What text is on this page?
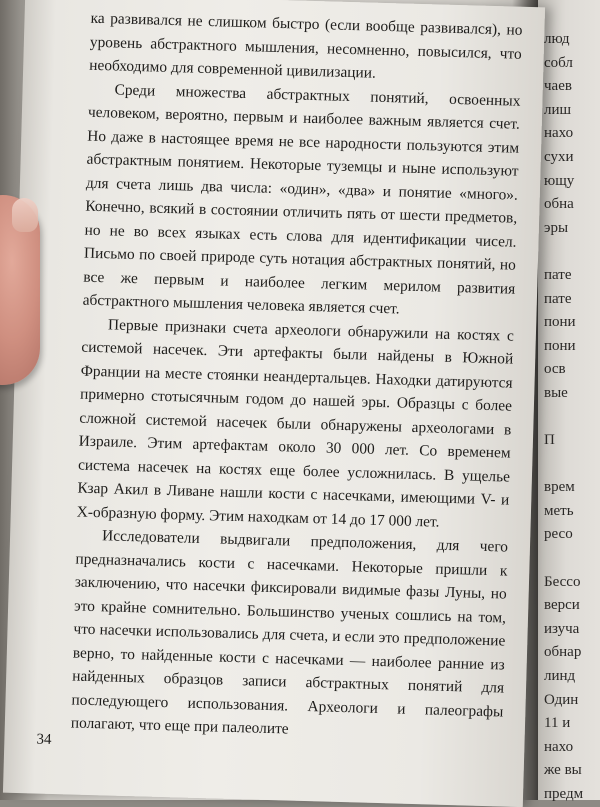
люд
собл
чаев
лиш
нахо
сухи
ющу
обна
эры
пате
пате
пони
пони
осв
вые
П
врем
меть
ресо
Бессо
верси
изуча
обнар
линд
Один
11 и
нахо
же вы
предм

ка развивался не слишком быстро (если вообще развивался), но уровень абстрактного мышления, несомненно, повысился, что необходимо для современной цивилизации.

Среди множества абстрактных понятий, освоенных человеком, вероятно, первым и наиболее важным является счет. Но даже в настоящее время не все народности пользуются этим абстрактным понятием. Некоторые туземцы и ныне используют для счета лишь два числа: «один», «два» и понятие «много». Конечно, всякий в состоянии отличить пять от шести предметов, но не во всех языках есть слова для идентификации чисел. Письмо по своей природе суть нотация абстрактных понятий, но все же первым и наиболее легким мерилом развития абстрактного мышления человека является счет.

Первые признаки счета археологи обнаружили на костях с системой насечек. Эти артефакты были найдены в Южной Франции на месте стоянки неандертальцев. Находки датируются примерно стотысячным годом до нашей эры. Образцы с более сложной системой насечек были обнаружены археологами в Израиле. Этим артефактам около 30 000 лет. Со временем система насечек на костях еще более усложнилась. В ущелье Кзар Акил в Ливане нашли кости с насечками, имеющими V- и X-образную форму. Этим находкам от 14 до 17 000 лет.

Исследователи выдвигали предположения, для чего предназначались кости с насечками. Некоторые пришли к заключению, что насечки фиксировали видимые фазы Луны, но это крайне сомнительно. Большинство ученых сошлись на том, что насечки использовались для счета, и если это предположение верно, то найденные кости с насечками — наиболее ранние из найденных образцов записи абстрактных понятий для последующего использования. Археологи и палеографы полагают, что еще при палеолите

34
